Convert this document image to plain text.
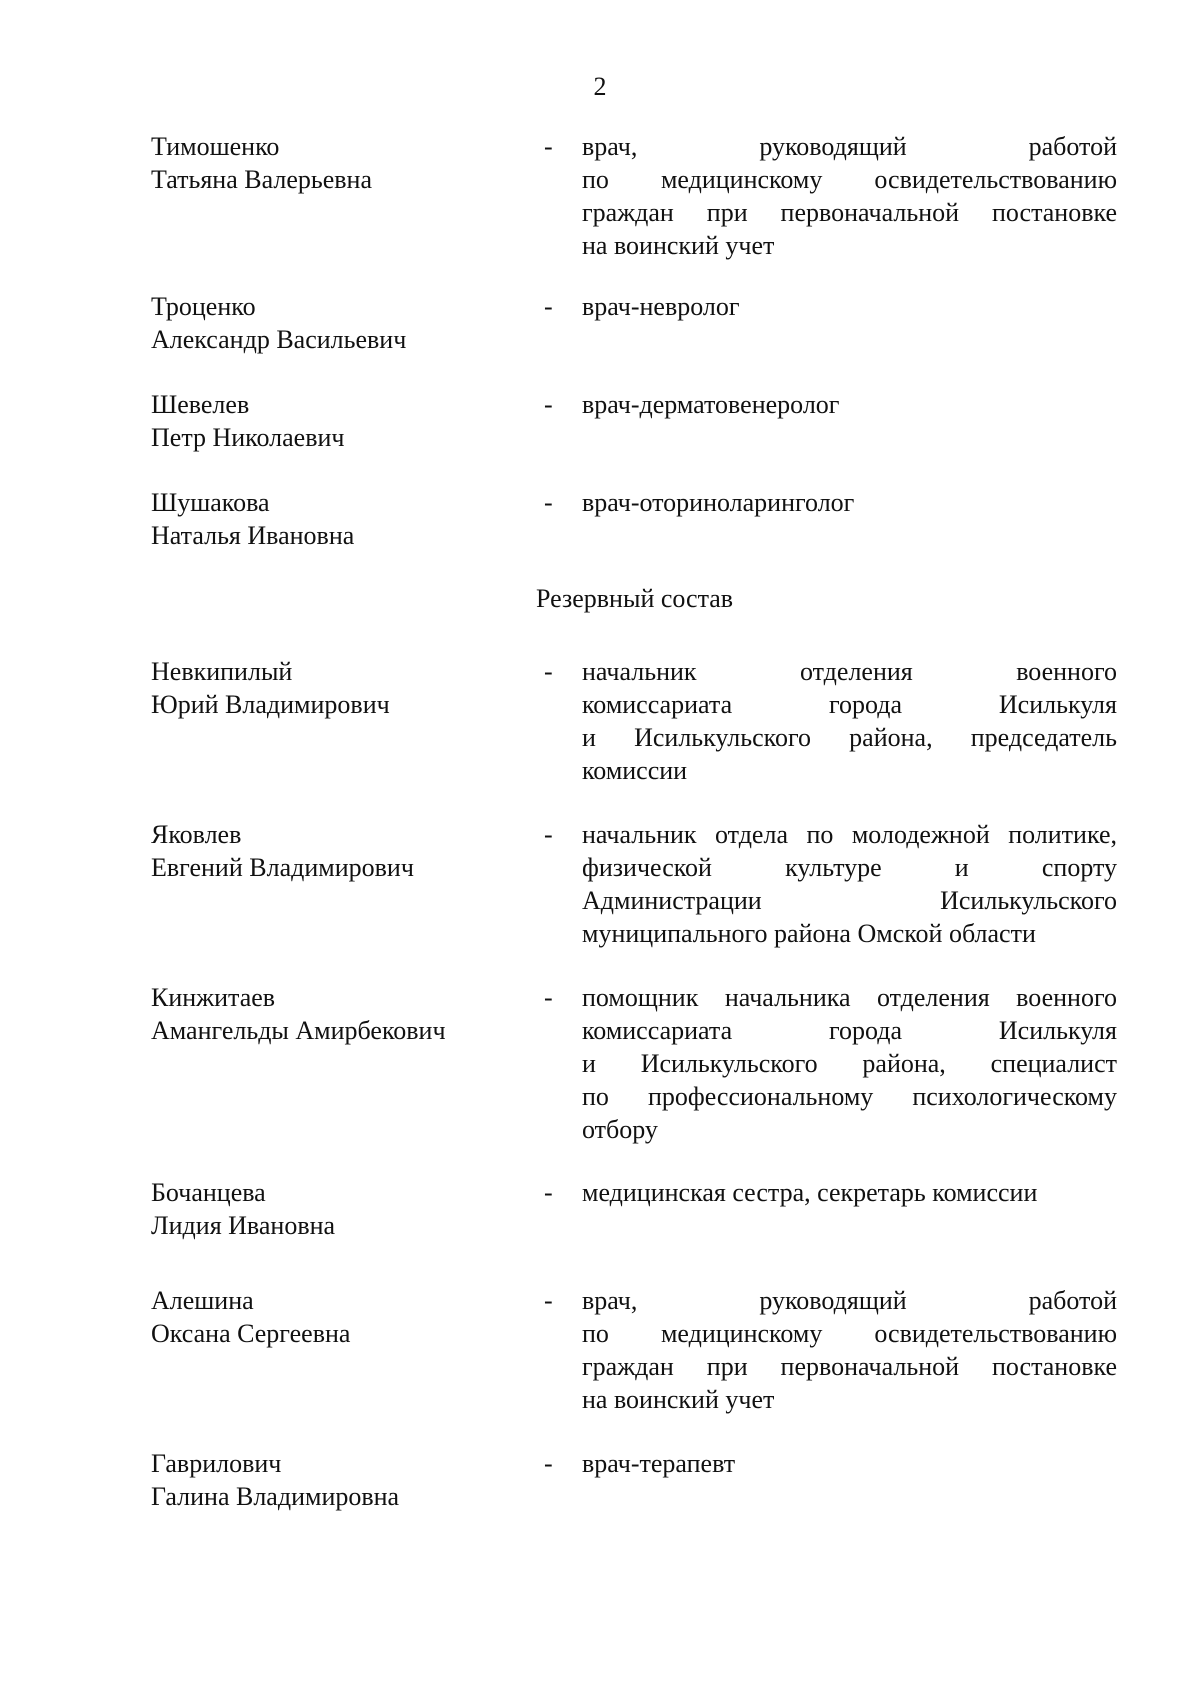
2
Тимошенко
Татьяна Валерьевна
- врач, руководящий работой
по медицинскому освидетельствованию
граждан при первоначальной постановке
на воинский учет
Троценко
Александр Васильевич
- врач-невролог
Шевелев
Петр Николаевич
- врач-дерматовенеролог
Шушакова
Наталья Ивановна
- врач-оториноларинголог
Резервный состав
Невкипилый
Юрий Владимирович
- начальник отделения военного
комиссариата города Исилькуля
и Исилькульского района, председатель
комиссии
Яковлев
Евгений Владимирович
- начальник отдела по молодежной политике,
физической культуре и спорту
Администрации Исилькульского
муниципального района Омской области
Кинжитаев
Амангельды Амирбекович
- помощник начальника отделения военного
комиссариата города Исилькуля
и Исилькульского района, специалист
по профессиональному психологическому
отбору
Бочанцева
Лидия Ивановна
- медицинская сестра, секретарь комиссии
Алешина
Оксана Сергеевна
- врач, руководящий работой
по медицинскому освидетельствованию
граждан при первоначальной постановке
на воинский учет
Гаврилович
Галина Владимировна
- врач-терапевт
